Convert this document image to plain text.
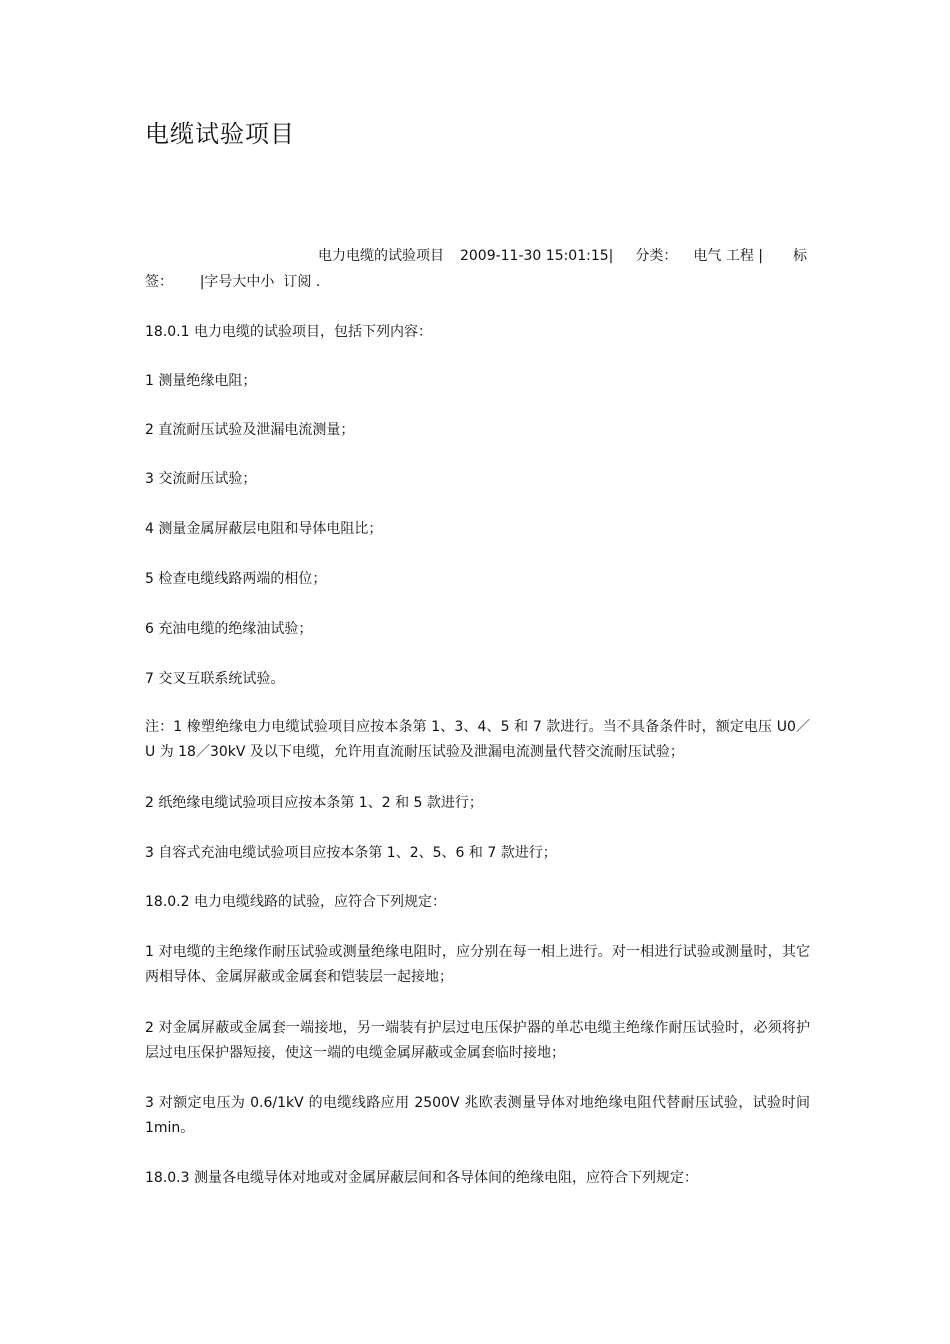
电缆试验项目
电力电缆的试验项目 2009-11-30 15:01:15| 分类： 电气 工程 | 标
签： |字号大中小 订阅 .

18.0.1 电力电缆的试验项目，包括下列内容：

1 测量绝缘电阻；

2 直流耐压试验及泄漏电流测量；

3 交流耐压试验；

4 测量金属屏蔽层电阻和导体电阻比；

5 检查电缆线路两端的相位；

6 充油电缆的绝缘油试验；

7 交叉互联系统试验。

注：1 橡塑绝缘电力电缆试验项目应按本条第 1、3、4、5 和 7 款进行。当不具备条件时，额定电压 U0／U 为 18／30kV 及以下电缆，允许用直流耐压试验及泄漏电流测量代替交流耐压试验；

2 纸绝缘电缆试验项目应按本条第 1、2 和 5 款进行；

3 自容式充油电缆试验项目应按本条第 1、2、5、6 和 7 款进行；

18.0.2 电力电缆线路的试验，应符合下列规定：

1 对电缆的主绝缘作耐压试验或测量绝缘电阻时，应分别在每一相上进行。对一相进行试验或测量时，其它两相导体、金属屏蔽或金属套和铠装层一起接地；

2 对金属屏蔽或金属套一端接地，另一端装有护层过电压保护器的单芯电缆主绝缘作耐压试验时，必须将护层过电压保护器短接，使这一端的电缆金属屏蔽或金属套临时接地；

3 对额定电压为 0.6/1kV 的电缆线路应用 2500V 兆欧表测量导体对地绝缘电阻代替耐压试验，试验时间 1min。

18.0.3 测量各电缆导体对地或对金属屏蔽层间和各导体间的绝缘电阻，应符合下列规定：
